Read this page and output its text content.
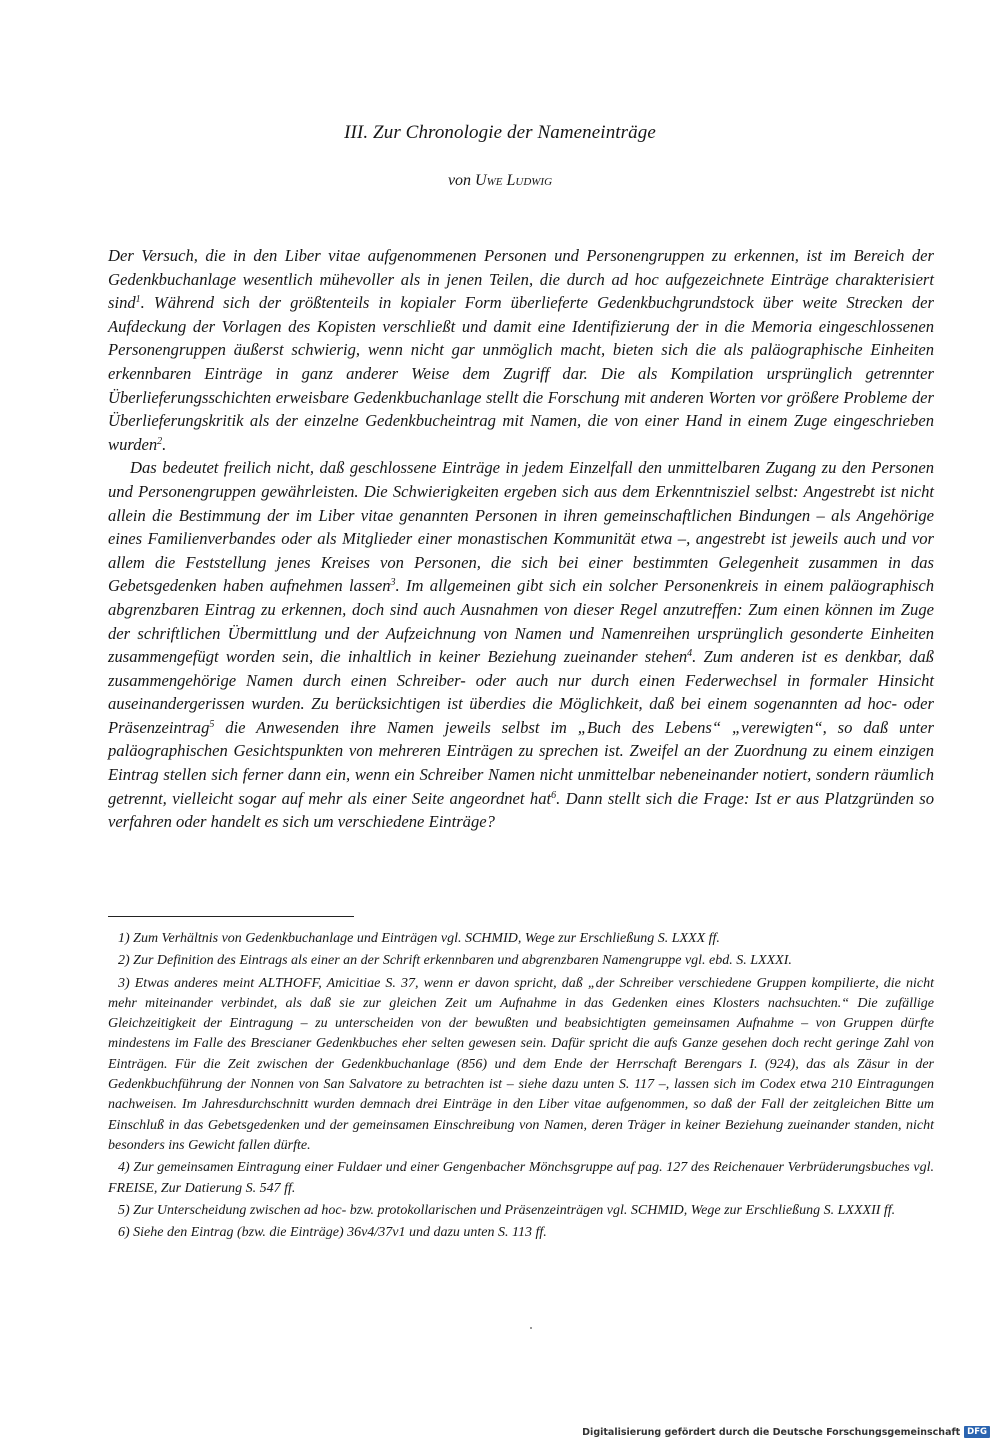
III. Zur Chronologie der Nameneinträge
von Uwe Ludwig

Der Versuch, die in den Liber vitae aufgenommenen Personen und Personengruppen zu erkennen, ist im Bereich der Gedenkbuchanlage wesentlich mühevoller als in jenen Teilen, die durch ad hoc aufgezeichnete Einträge charakterisiert sind$^1$. Während sich der größtenteils in kopialer Form überlieferte Gedenkbuchgrundstock über weite Strecken der Aufdeckung der Vorlagen des Kopisten verschließt und damit eine Identifizierung der in die Memoria eingeschlossenen Personengruppen äußerst schwierig, wenn nicht gar unmöglich macht, bieten sich die als paläographische Einheiten erkennbaren Einträge in ganz anderer Weise dem Zugriff dar. Die als Kompilation ursprünglich getrennter Überlieferungsschichten erweisbare Gedenkbuchanlage stellt die Forschung mit anderen Worten vor größere Probleme der Überlieferungskritik als der einzelne Gedenkbucheintrag mit Namen, die von einer Hand in einem Zuge eingeschrieben wurden$^2$.

Das bedeutet freilich nicht, daß geschlossene Einträge in jedem Einzelfall den unmittelbaren Zugang zu den Personen und Personengruppen gewährleisten. Die Schwierigkeiten ergeben sich aus dem Erkenntnisziel selbst: Angestrebt ist nicht allein die Bestimmung der im Liber vitae genannten Personen in ihren gemeinschaftlichen Bindungen – als Angehörige eines Familienverbandes oder als Mitglieder einer monastischen Kommunität etwa –, angestrebt ist jeweils auch und vor allem die Feststellung jenes Kreises von Personen, die sich bei einer bestimmten Gelegenheit zusammen in das Gebetsgedenken haben aufnehmen lassen$^3$. Im allgemeinen gibt sich ein solcher Personenkreis in einem paläographisch abgrenzbaren Eintrag zu erkennen, doch sind auch Ausnahmen von dieser Regel anzutreffen: Zum einen können im Zuge der schriftlichen Übermittlung und der Aufzeichnung von Namen und Namenreihen ursprünglich gesonderte Einheiten zusammengefügt worden sein, die inhaltlich in keiner Beziehung zueinander stehen$^4$. Zum anderen ist es denkbar, daß zusammengehörige Namen durch einen Schreiber- oder auch nur durch einen Federwechsel in formaler Hinsicht auseinandergerissen wurden. Zu berücksichtigen ist überdies die Möglichkeit, daß bei einem sogenannten ad hoc- oder Präsenzeintrag$^5$ die Anwesenden ihre Namen jeweils selbst im „Buch des Lebens“ „verewigten“, so daß unter paläographischen Gesichtspunkten von mehreren Einträgen zu sprechen ist. Zweifel an der Zuordnung zu einem einzigen Eintrag stellen sich ferner dann ein, wenn ein Schreiber Namen nicht unmittelbar nebeneinander notiert, sondern räumlich getrennt, vielleicht sogar auf mehr als einer Seite angeordnet hat$^6$. Dann stellt sich die Frage: Ist er aus Platzgründen so verfahren oder handelt es sich um verschiedene Einträge?

1) Zum Verhältnis von Gedenkbuchanlage und Einträgen vgl. SCHMID, Wege zur Erschließung S. LXXX ff.

2) Zur Definition des Eintrags als einer an der Schrift erkennbaren und abgrenzbaren Namengruppe vgl. ebd. S. LXXXI.

3) Etwas anderes meint ALTHOFF, Amicitiae S. 37, wenn er davon spricht, daß „der Schreiber verschiedene Gruppen kompilierte, die nicht mehr miteinander verbindet, als daß sie zur gleichen Zeit um Aufnahme in das Gedenken eines Klosters nachsuchten.“ Die zufällige Gleichzeitigkeit der Eintragung – zu unterscheiden von der bewußten und beabsichtigten gemeinsamen Aufnahme – von Gruppen dürfte mindestens im Falle des Brescianer Gedenkbuches eher selten gewesen sein. Dafür spricht die aufs Ganze gesehen doch recht geringe Zahl von Einträgen. Für die Zeit zwischen der Gedenkbuchanlage (856) und dem Ende der Herrschaft Berengars I. (924), das als Zäsur in der Gedenkbuchführung der Nonnen von San Salvatore zu betrachten ist – siehe dazu unten S. 117 –, lassen sich im Codex etwa 210 Eintragungen nachweisen. Im Jahresdurchschnitt wurden demnach drei Einträge in den Liber vitae aufgenommen, so daß der Fall der zeitgleichen Bitte um Einschluß in das Gebetsgedenken und der gemeinsamen Einschreibung von Namen, deren Träger in keiner Beziehung zueinander standen, nicht besonders ins Gewicht fallen dürfte.

4) Zur gemeinsamen Eintragung einer Fuldaer und einer Gengenbacher Mönchsgruppe auf pag. 127 des Reichenauer Verbrüderungsbuches vgl. FREISE, Zur Datierung S. 547 ff.

5) Zur Unterscheidung zwischen ad hoc- bzw. protokollarischen und Präsenzeinträgen vgl. SCHMID, Wege zur Erschließung S. LXXXII ff.

6) Siehe den Eintrag (bzw. die Einträge) 36v4/37v1 und dazu unten S. 113 ff.

Digitalisierung gefördert durch die Deutsche Forschungsgemeinschaft DFG
